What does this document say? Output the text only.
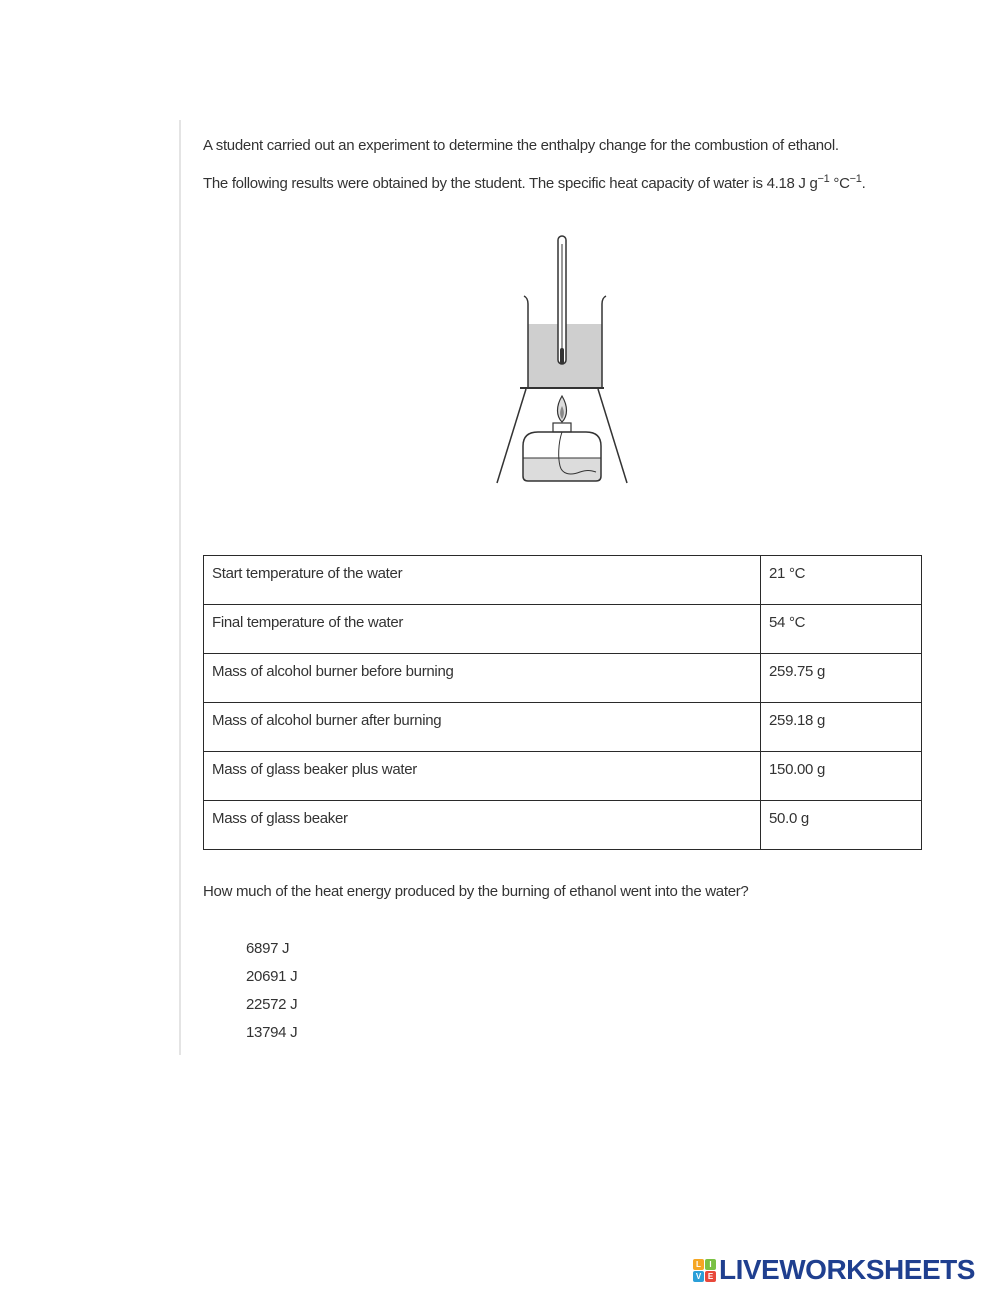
A student carried out an experiment to determine the enthalpy change for the combustion of ethanol.
The following results were obtained by the student. The specific heat capacity of water is 4.18 J $g^{-1}$ $^\circ C^{-1}$.
Start temperature of the water	21 °C
Final temperature of the water	54 °C
Mass of alcohol burner before burning	259.75 g
Mass of alcohol burner after burning	259.18 g
Mass of glass beaker plus water	150.00 g
Mass of glass beaker	50.0 g
How much of the heat energy produced by the burning of ethanol went into the water?
6897 J
20691 J
22572 J
13794 J
L	I
V E LIVEWORKSHEETS
